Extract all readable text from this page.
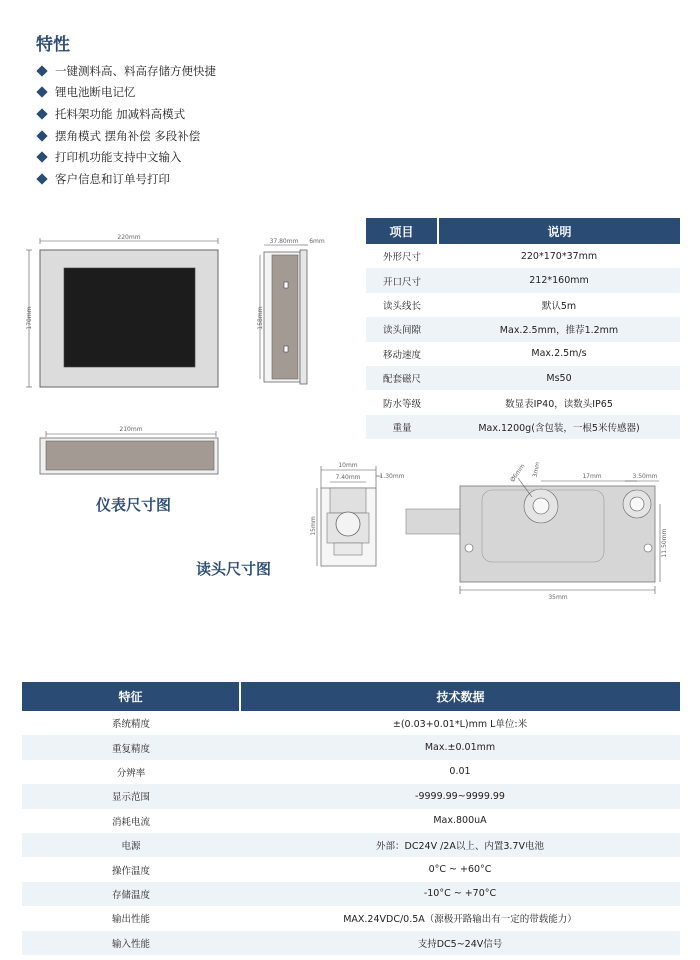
特性
一键测料高、料高存储方便快捷
锂电池断电记忆
托料架功能 加减料高模式
摆角模式 摆角补偿 多段补偿
打印机功能支持中文输入
客户信息和订单号打印
220mm
170mm
37.80mm 6mm
158mm
210mm
10mm
7.40mm	1.30mm
15mm
Ø6mm 3mm	17mm	3.50mm
11.50mm
35mm
项目	说明
外形尺寸	220*170*37mm
开口尺寸	212*160mm
读头线长	默认5m
读头间隙	Max.2.5mm，推荐1.2mm
移动速度	Max.2.5m/s
配套磁尺	Ms50
防水等级	数显表IP40，读数头IP65
重量	Max.1200g(含包装，一根5米传感器)
仪表尺寸图
读头尺寸图
特征	技术数据
系统精度	±(0.03+0.01*L)mm L单位:米
重复精度	Max.±0.01mm
分辨率	0.01
显示范围	-9999.99~9999.99
消耗电流	Max.800uA
电源	外部：DC24V /2A以上、内置3.7V电池
操作温度	0°C ~ +60°C
存储温度	-10°C ~ +70°C
输出性能	MAX.24VDC/0.5A（源极开路输出有一定的带载能力）
输入性能	支持DC5~24V信号
